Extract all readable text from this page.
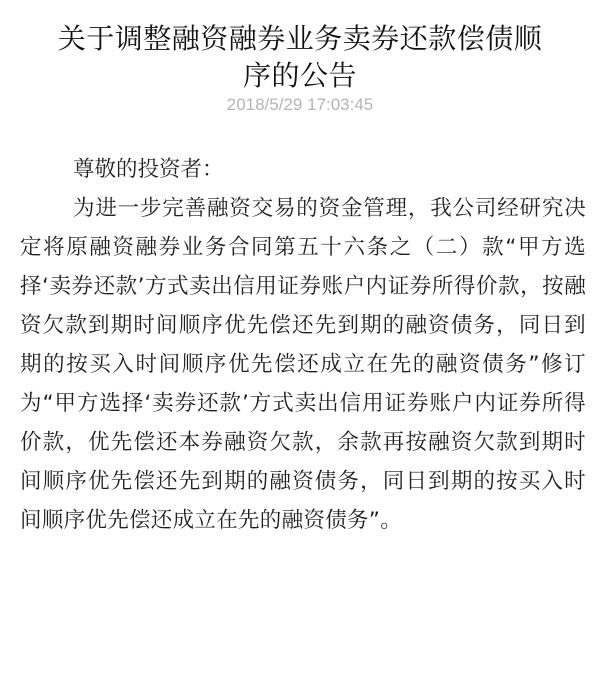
关于调整融资融券业务卖券还款偿债顺
序的公告
2018/5/29 17:03:45

尊敬的投资者：

为进一步完善融资交易的资金管理，我公司经研究决定将原融资融券业务合同第五十六条之（二）款“甲方选择‘卖券还款’方式卖出信用证券账户内证券所得价款，按融资欠款到期时间顺序优先偿还先到期的融资债务，同日到期的按买入时间顺序优先偿还成立在先的融资债务”修订为“甲方选择‘卖券还款’方式卖出信用证券账户内证券所得价款，优先偿还本券融资欠款，余款再按融资欠款到期时间顺序优先偿还先到期的融资债务，同日到期的按买入时间顺序优先偿还成立在先的融资债务”。
